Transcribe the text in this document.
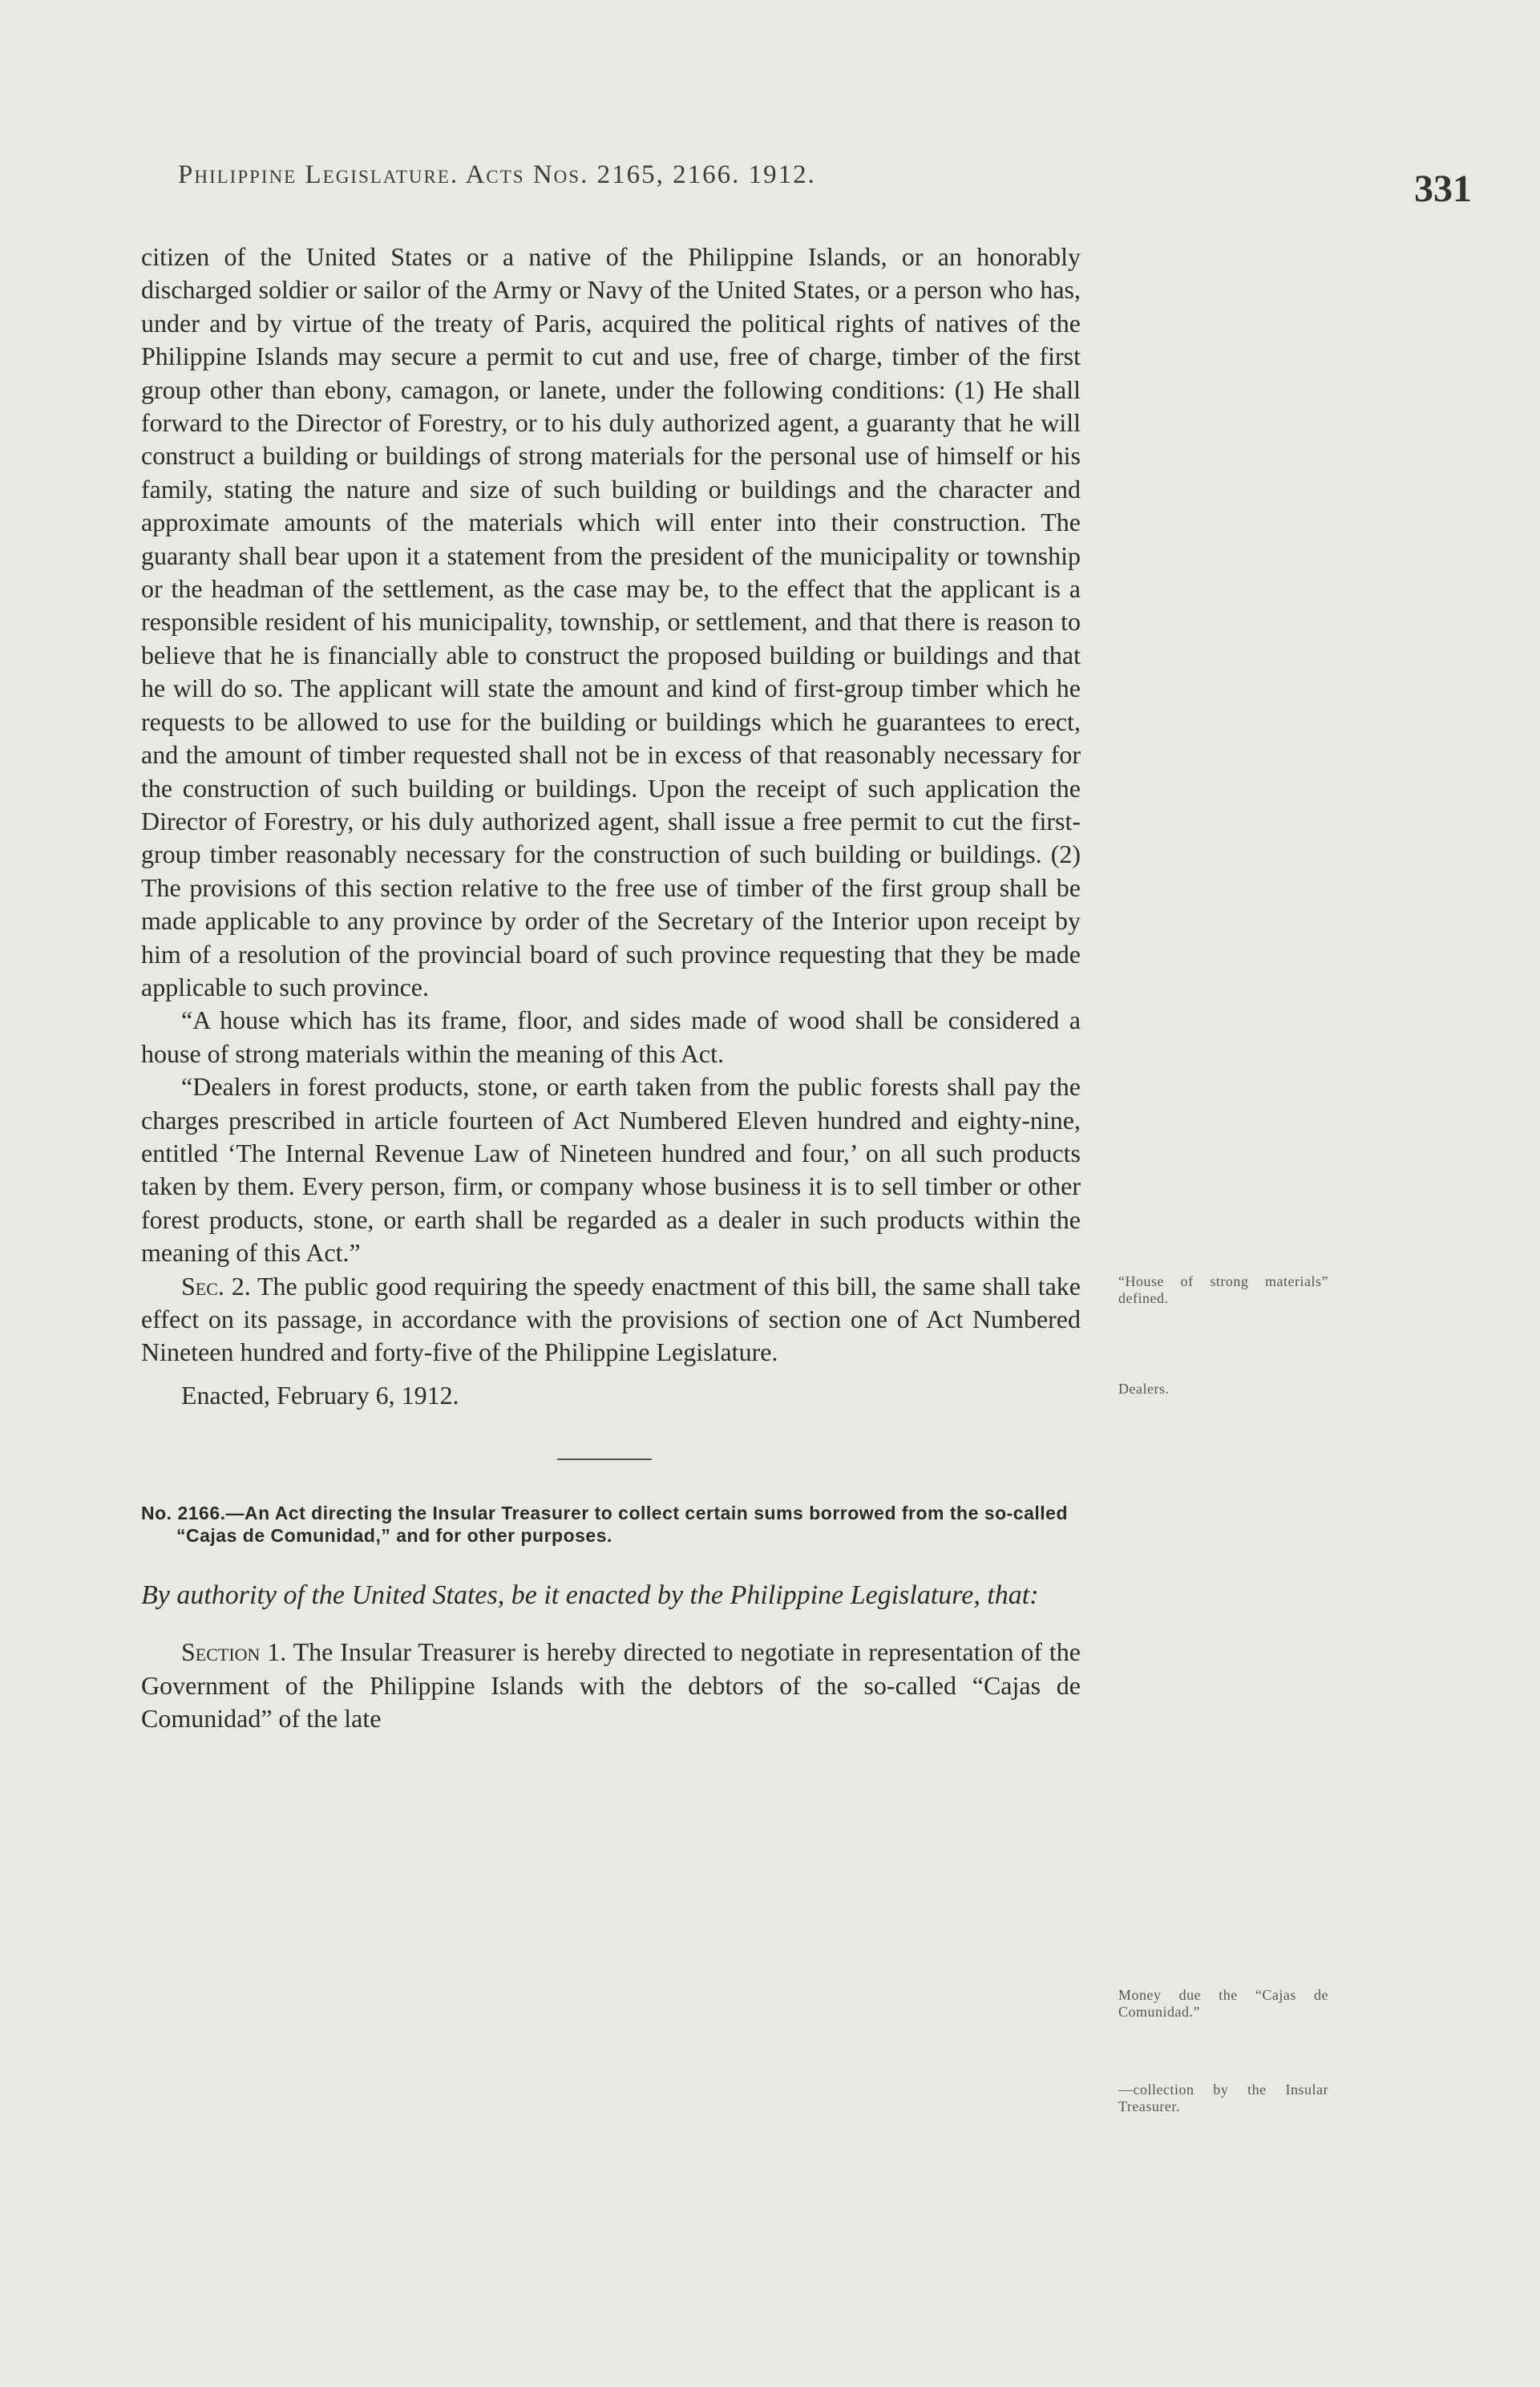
Philippine Legislature. Acts Nos. 2165, 2166. 1912.	331

citizen of the United States or a native of the Philippine Islands, or an honorably discharged soldier or sailor of the Army or Navy of the United States, or a person who has, under and by virtue of the treaty of Paris, acquired the political rights of natives of the Philippine Islands may secure a permit to cut and use, free of charge, timber of the first group other than ebony, camagon, or lanete, under the following conditions: (1) He shall forward to the Director of Forestry, or to his duly authorized agent, a guaranty that he will construct a building or buildings of strong materials for the personal use of himself or his family, stating the nature and size of such building or buildings and the character and approximate amounts of the materials which will enter into their construction. The guaranty shall bear upon it a statement from the president of the municipality or township or the headman of the settlement, as the case may be, to the effect that the applicant is a responsible resident of his municipality, township, or settlement, and that there is reason to believe that he is financially able to construct the proposed building or buildings and that he will do so. The applicant will state the amount and kind of first-group timber which he requests to be allowed to use for the building or buildings which he guarantees to erect, and the amount of timber requested shall not be in excess of that reasonably necessary for the construction of such building or buildings. Upon the receipt of such application the Director of Forestry, or his duly authorized agent, shall issue a free permit to cut the first-group timber reasonably necessary for the construction of such building or buildings. (2) The provisions of this section relative to the free use of timber of the first group shall be made applicable to any province by order of the Secretary of the Interior upon receipt by him of a resolution of the provincial board of such province requesting that they be made applicable to such province.

“A house which has its frame, floor, and sides made of wood shall be considered a house of strong materials within the meaning of this Act.

“Dealers in forest products, stone, or earth taken from the public forests shall pay the charges prescribed in article fourteen of Act Numbered Eleven hundred and eighty-nine, entitled ‘The Internal Revenue Law of Nineteen hundred and four,’ on all such products taken by them. Every person, firm, or company whose business it is to sell timber or other forest products, stone, or earth shall be regarded as a dealer in such products within the meaning of this Act.”

Sec. 2. The public good requiring the speedy enactment of this bill, the same shall take effect on its passage, in accordance with the provisions of section one of Act Numbered Nineteen hundred and forty-five of the Philippine Legislature.

Enacted, February 6, 1912.

No. 2166.—An Act directing the Insular Treasurer to collect certain sums borrowed from the so-called “Cajas de Comunidad,” and for other purposes.

By authority of the United States, be it enacted by the Philippine Legislature, that:

Section 1. The Insular Treasurer is hereby directed to negotiate in representation of the Government of the Philippine Islands with the debtors of the so-called “Cajas de Comunidad” of the late

“House of strong materials” defined.
Dealers.
Money due the “Cajas de Comunidad.”
—collection by the Insular Treasurer.
